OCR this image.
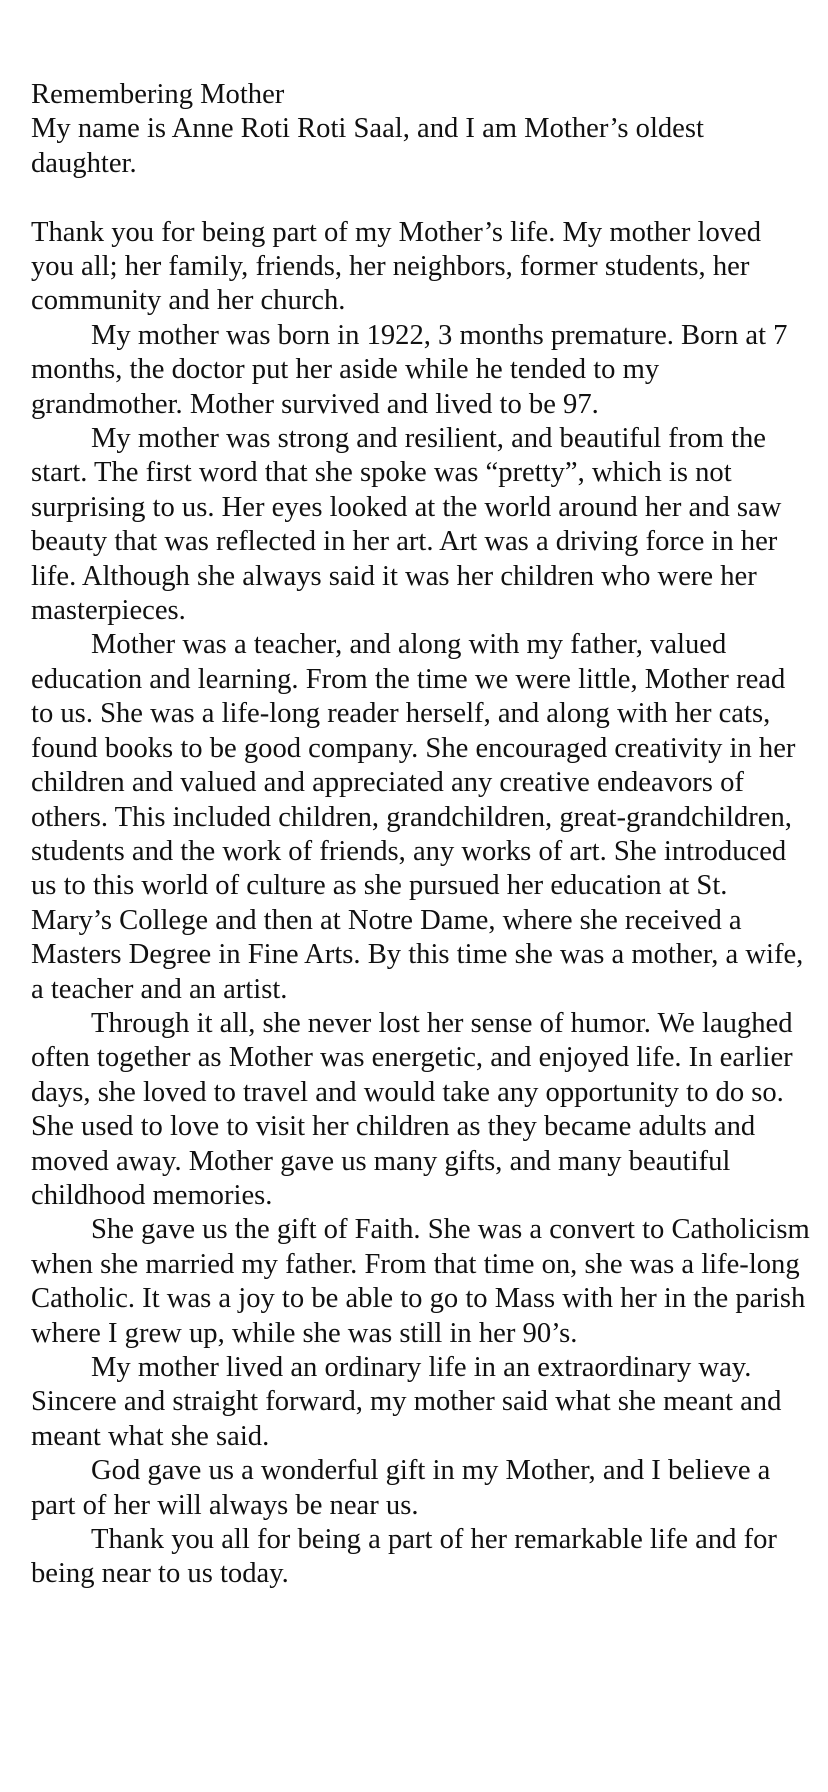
Remembering Mother

My name is Anne Roti Roti Saal, and I am Mother’s oldest daughter.

Thank you for being part of my Mother’s life. My mother loved you all; her family, friends, her neighbors, former students, her community and her church.

My mother was born in 1922, 3 months premature. Born at 7 months, the doctor put her aside while he tended to my grandmother. Mother survived and lived to be 97.

My mother was strong and resilient, and beautiful from the start. The first word that she spoke was “pretty”, which is not surprising to us. Her eyes looked at the world around her and saw beauty that was reflected in her art. Art was a driving force in her life. Although she always said it was her children who were her masterpieces.

Mother was a teacher, and along with my father, valued education and learning. From the time we were little, Mother read to us. She was a life-long reader herself, and along with her cats, found books to be good company. She encouraged creativity in her children and valued and appreciated any creative endeavors of others. This included children, grandchildren, great-grandchildren, students and the work of friends, any works of art. She introduced us to this world of culture as she pursued her education at St. Mary’s College and then at Notre Dame, where she received a Masters Degree in Fine Arts. By this time she was a mother, a wife, a teacher and an artist.

Through it all, she never lost her sense of humor. We laughed often together as Mother was energetic, and enjoyed life. In earlier days, she loved to travel and would take any opportunity to do so. She used to love to visit her children as they became adults and moved away. Mother gave us many gifts, and many beautiful childhood memories.

She gave us the gift of Faith. She was a convert to Catholicism when she married my father. From that time on, she was a life-long Catholic. It was a joy to be able to go to Mass with her in the parish where I grew up, while she was still in her 90’s.

My mother lived an ordinary life in an extraordinary way. Sincere and straight forward, my mother said what she meant and meant what she said.

God gave us a wonderful gift in my Mother, and I believe a part of her will always be near us.

Thank you all for being a part of her remarkable life and for being near to us today.
